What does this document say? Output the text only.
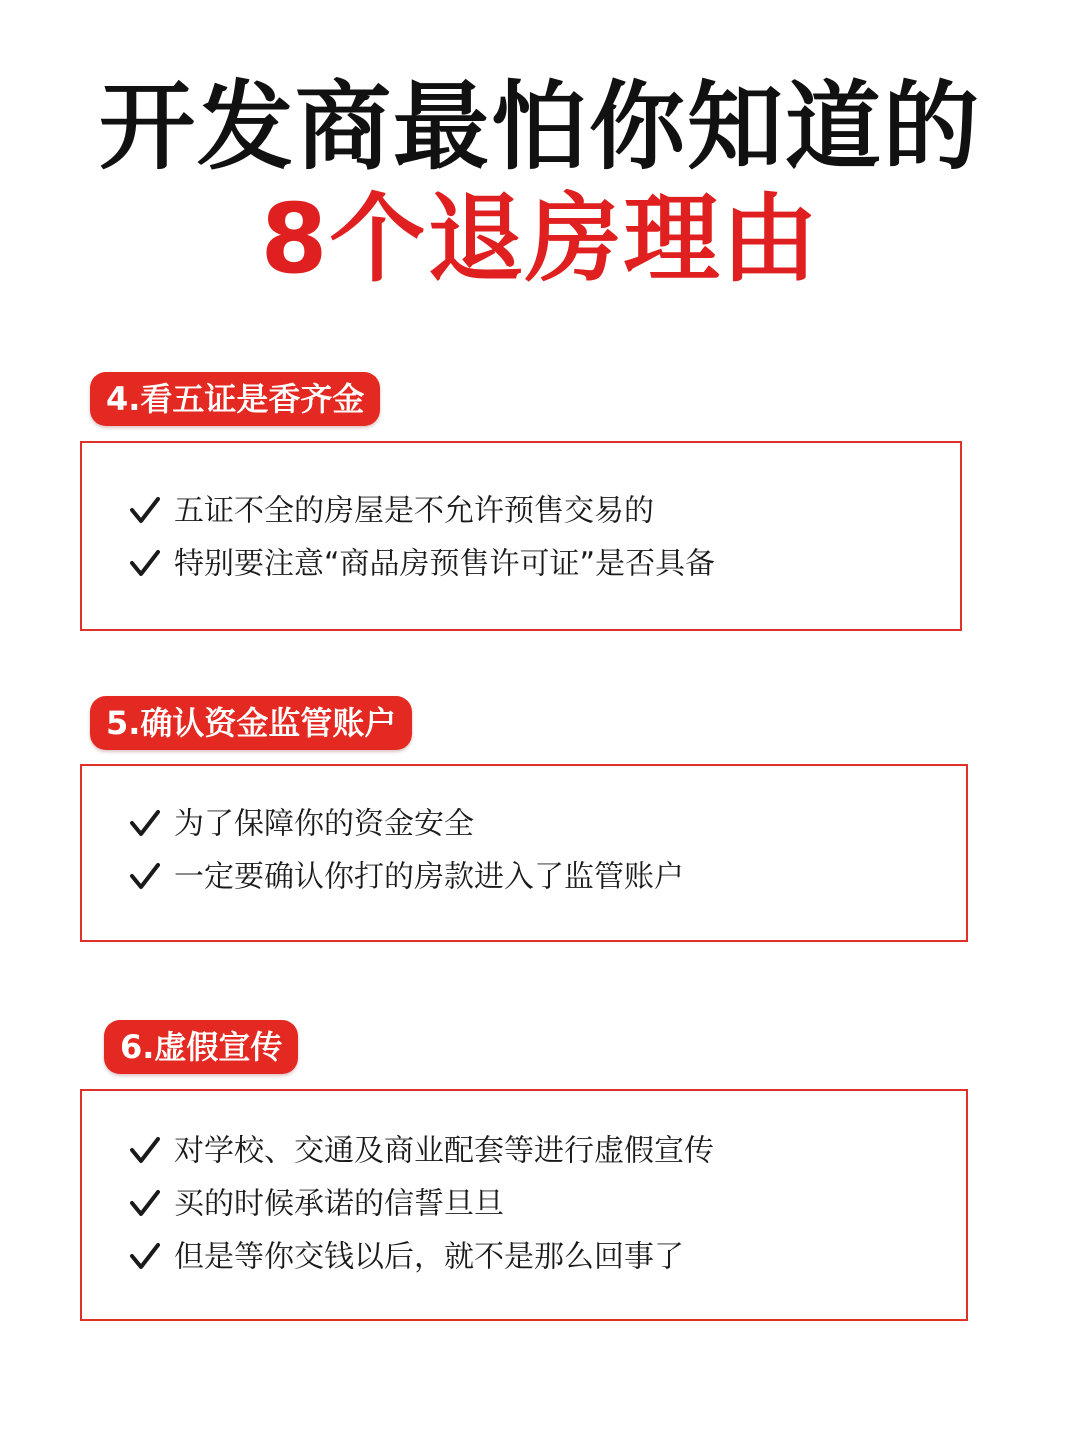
开发商最怕你知道的
8个退房理由
4.看五证是香齐金
五证不全的房屋是不允许预售交易的
特别要注意“商品房预售许可证”是否具备
5.确认资金监管账户
为了保障你的资金安全
一定要确认你打的房款进入了监管账户
6.虚假宣传
对学校、交通及商业配套等进行虚假宣传
买的时候承诺的信誓旦旦
但是等你交钱以后，就不是那么回事了
